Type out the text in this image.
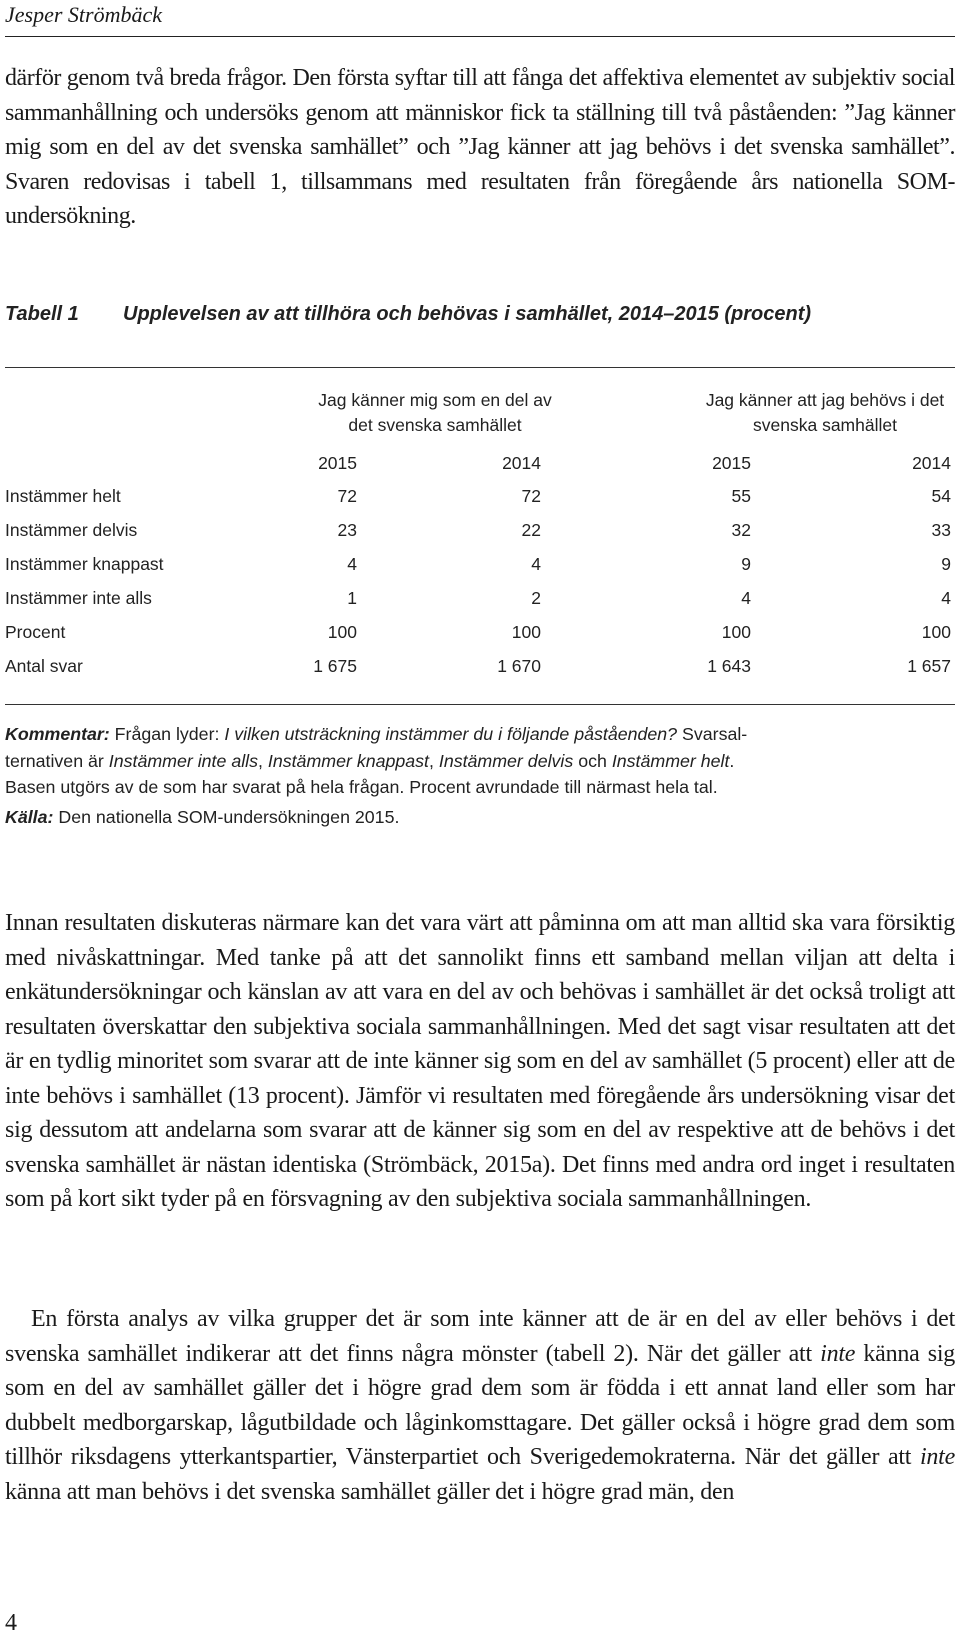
Jesper Strömbäck
därför genom två breda frågor. Den första syftar till att fånga det affektiva elementet av subjektiv social sammanhållning och undersöks genom att människor fick ta ställning till två påståenden: ”Jag känner mig som en del av det svenska samhället” och ”Jag känner att jag behövs i det svenska samhället”. Svaren redovisas i tabell 1, tillsammans med resultaten från föregående års nationella SOM-undersökning.
Tabell 1 Upplevelsen av att tillhöra och behövas i samhället, 2014–2015 (procent)
Jag känner mig som en del av det svenska samhället
Jag känner att jag behövs i det svenska samhället
2015	2014	2015	2014
Instämmer helt	72	72	55	54
Instämmer delvis	23	22	32	33
Instämmer knappast	4	4	9	9
Instämmer inte alls	1	2	4	4
Procent	100	100	100	100
Antal svar	1 675	1 670	1 643	1 657
Kommentar: Frågan lyder: I vilken utsträckning instämmer du i följande påståenden? Svarsal-
ternativen är Instämmer inte alls, Instämmer knappast, Instämmer delvis och Instämmer helt.
Basen utgörs av de som har svarat på hela frågan. Procent avrundade till närmast hela tal.
Källa: Den nationella SOM-undersökningen 2015.
Innan resultaten diskuteras närmare kan det vara värt att påminna om att man alltid ska vara försiktig med nivåskattningar. Med tanke på att det sannolikt finns ett samband mellan viljan att delta i enkätundersökningar och känslan av att vara en del av och behövas i samhället är det också troligt att resultaten överskattar den subjektiva sociala sammanhållningen. Med det sagt visar resultaten att det är en tydlig minoritet som svarar att de inte känner sig som en del av samhället (5 procent) eller att de inte behövs i samhället (13 procent). Jämför vi resultaten med föregående års undersökning visar det sig dessutom att andelarna som svarar att de känner sig som en del av respektive att de behövs i det svenska samhället är nästan identiska (Strömbäck, 2015a). Det finns med andra ord inget i resultaten som på kort sikt tyder på en försvagning av den subjektiva sociala sammanhållningen.
En första analys av vilka grupper det är som inte känner att de är en del av eller behövs i det svenska samhället indikerar att det finns några mönster (tabell 2). När det gäller att inte känna sig som en del av samhället gäller det i högre grad dem som är födda i ett annat land eller som har dubbelt medborgarskap, lågutbildade och låginkomsttagare. Det gäller också i högre grad dem som tillhör riksdagens ytterkantspartier, Vänsterpartiet och Sverigedemokraterna. När det gäller att inte känna att man behövs i det svenska samhället gäller det i högre grad män, den
4
